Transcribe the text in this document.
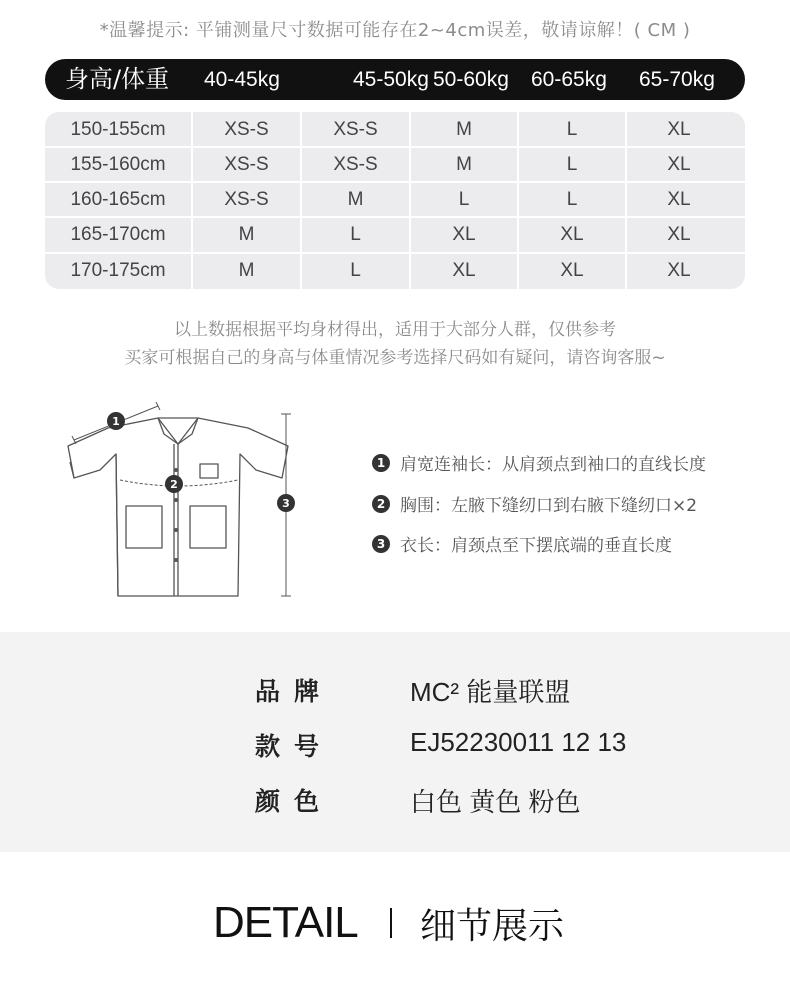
*温馨提示: 平铺测量尺寸数据可能存在2~4cm误差，敬请谅解！( CM )
身高/体重 40-45kg	45-50kg 50-60kg 60-65kg 65-70kg
150-155cm	XS-S	XS-S	M	L	XL
155-160cm	XS-S	XS-S	M	L	XL
160-165cm	XS-S	M	L	L	XL
165-170cm	M	L	XL	XL	XL
170-175cm	M	L	XL	XL	XL
以上数据根据平均身材得出，适用于大部分人群，仅供参考
买家可根据自己的身高与体重情况参考选择尺码如有疑问，请咨询客服~
1
2
3
1 肩宽连袖长：从肩颈点到袖口的直线长度
2 胸围：左腋下缝纫口到右腋下缝纫口×2
3 衣长：肩颈点至下摆底端的垂直长度
品牌	MC² 能量联盟
款号	EJ52230011 12 13
颜色	白色 黄色 粉色
DETAIL 细节展示
